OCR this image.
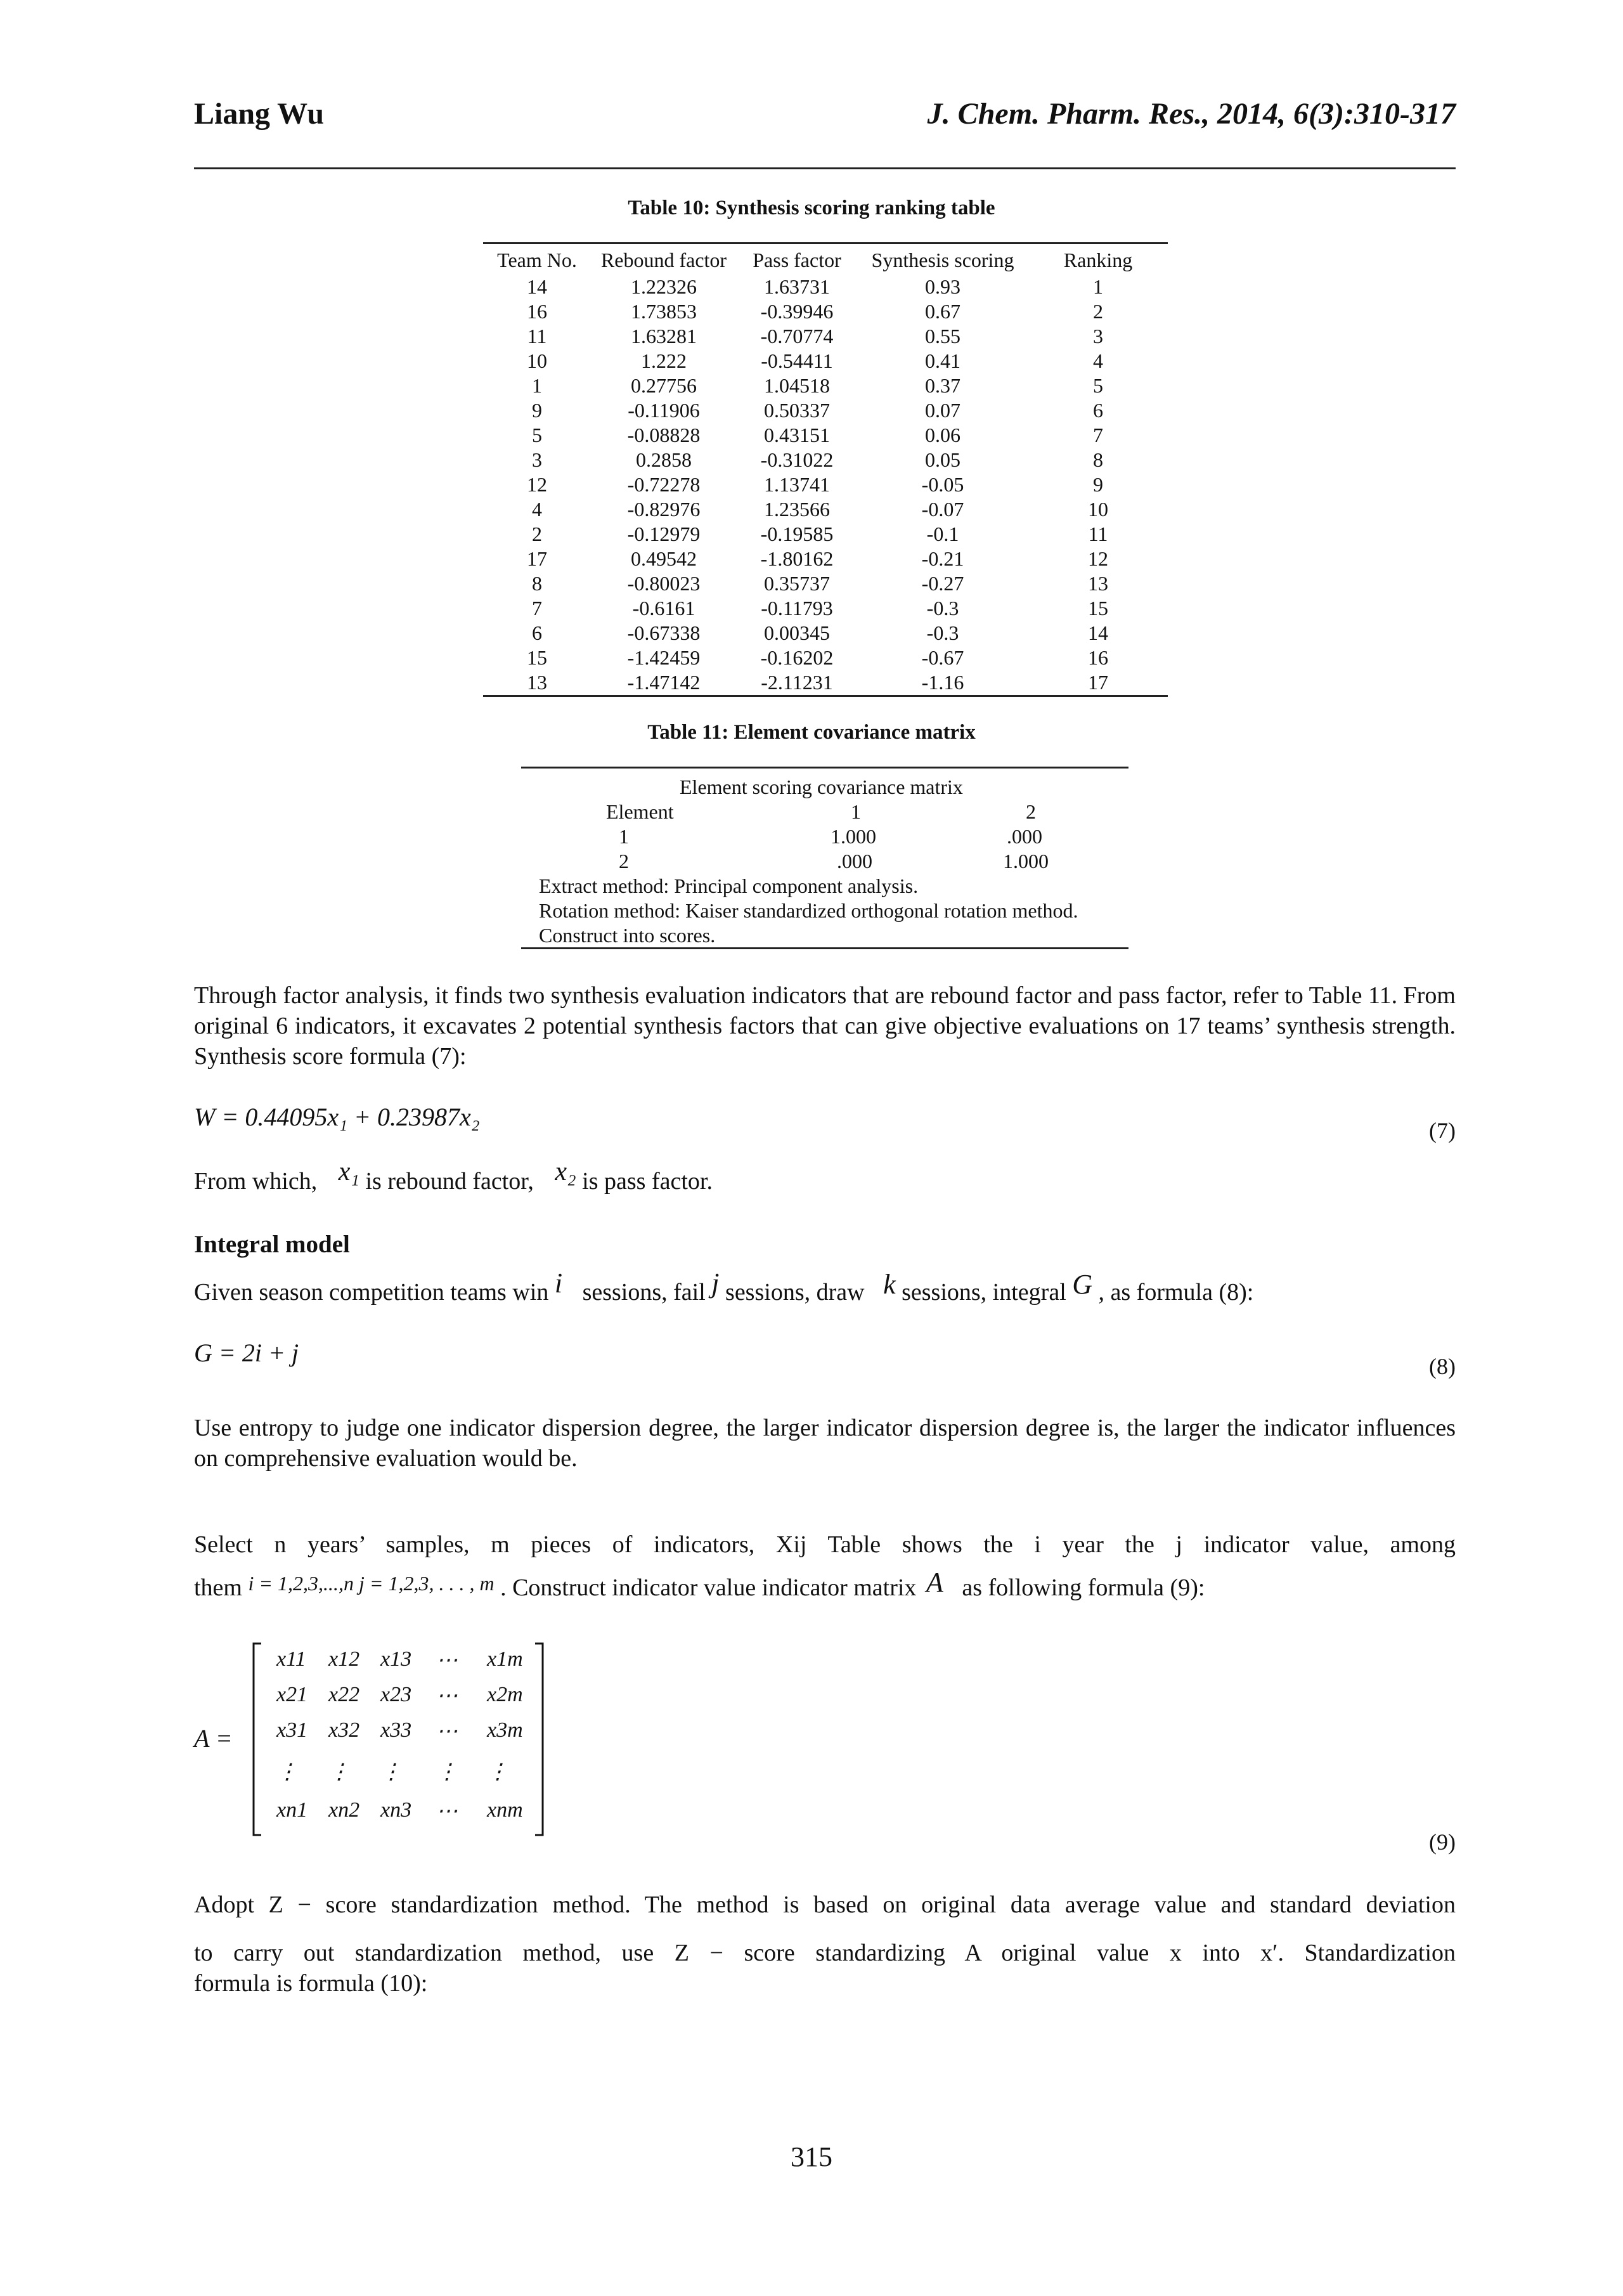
Liang Wu	J. Chem. Pharm. Res., 2014, 6(3):310-317
Table 10: Synthesis scoring ranking table
Team No.	Rebound factor	Pass factor	Synthesis scoring	Ranking
14	1.22326	1.63731	0.93	1
16	1.73853	-0.39946	0.67	2
11	1.63281	-0.70774	0.55	3
10	1.222	-0.54411	0.41	4
1	0.27756	1.04518	0.37	5
9	-0.11906	0.50337	0.07	6
5	-0.08828	0.43151	0.06	7
3	0.2858	-0.31022	0.05	8
12	-0.72278	1.13741	-0.05	9
4	-0.82976	1.23566	-0.07	10
2	-0.12979	-0.19585	-0.1	11
17	0.49542	-1.80162	-0.21	12
8	-0.80023	0.35737	-0.27	13
7	-0.6161	-0.11793	-0.3	15
6	-0.67338	0.00345	-0.3	14
15	-1.42459	-0.16202	-0.67	16
13	-1.47142	-2.11231	-1.16	17
Table 11: Element covariance matrix
Element scoring covariance matrix
Element	1	2
1	1.000	.000
2	.000	1.000
Extract method: Principal component analysis.
Rotation method: Kaiser standardized orthogonal rotation method.
Construct into scores.
Through factor analysis, it finds two synthesis evaluation indicators that are rebound factor and pass factor, refer to Table 11. From original 6 indicators, it excavates 2 potential synthesis factors that can give objective evaluations on 17 teams’ synthesis strength. Synthesis score formula (7):
W = 0.44095x₁ + 0.23987x₂	(7)
From which, x₁ is rebound factor, x₂ is pass factor.
Integral model
Given season competition teams win i sessions, fail j sessions, draw k sessions, integral G , as formula (8):
G = 2i + j	(8)
Use entropy to judge one indicator dispersion degree, the larger indicator dispersion degree is, the larger the indicator influences on comprehensive evaluation would be.
Select n years’ samples, m pieces of indicators, Xij Table shows the i year the j indicator value, among
them $^{i = 1,2,3,...,n j = 1,2,3, . . . , m}$ . Construct indicator value indicator matrix A as following formula (9):
A =
x11 x12 x13 ⋯ x1m
x21 x22 x23 ⋯ x2m
x31 x32 x33 ⋯ x3m
⋮ ⋮ ⋮ ⋮ ⋮
xn1 xn2 xn3 ⋯ xnm
(9)
Adopt Z − score standardization method. The method is based on original data average value and standard deviation
to carry out standardization method, use Z − score standardizing A original value x into x′. Standardization
formula is formula (10):
315
